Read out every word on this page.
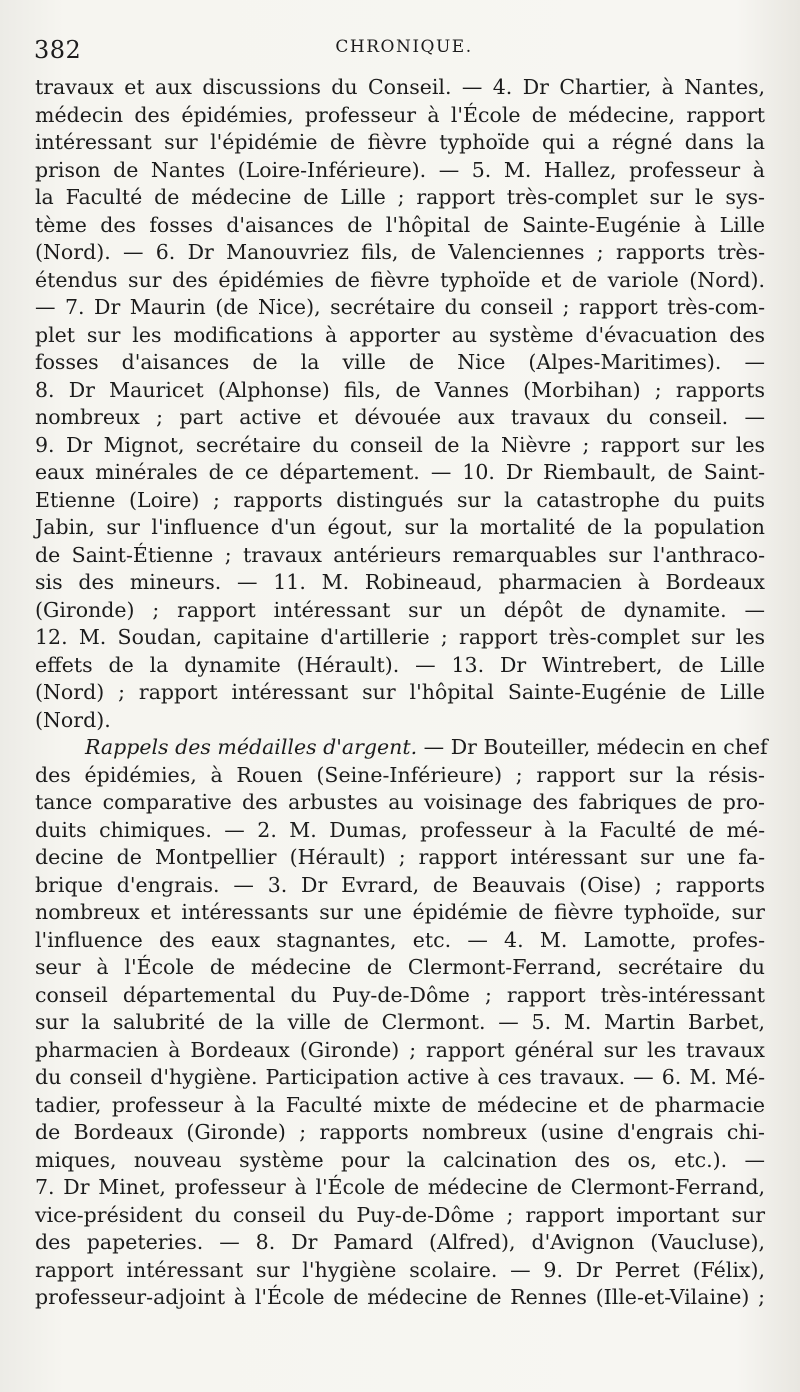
382	CHRONIQUE.
travaux et aux discussions du Conseil. — 4. Dr Chartier, à Nantes,
médecin des épidémies, professeur à l'École de médecine, rapport
intéressant sur l'épidémie de fièvre typhoïde qui a régné dans la
prison de Nantes (Loire-Inférieure). — 5. M. Hallez, professeur à
la Faculté de médecine de Lille ; rapport très-complet sur le sys-
tème des fosses d'aisances de l'hôpital de Sainte-Eugénie à Lille
(Nord). — 6. Dr Manouvriez fils, de Valenciennes ; rapports très-
étendus sur des épidémies de fièvre typhoïde et de variole (Nord).
— 7. Dr Maurin (de Nice), secrétaire du conseil ; rapport très-com-
plet sur les modifications à apporter au système d'évacuation des
fosses d'aisances de la ville de Nice (Alpes-Maritimes). —
8. Dr Mauricet (Alphonse) fils, de Vannes (Morbihan) ; rapports
nombreux ; part active et dévouée aux travaux du conseil. —
9. Dr Mignot, secrétaire du conseil de la Nièvre ; rapport sur les
eaux minérales de ce département. — 10. Dr Riembault, de Saint-
Etienne (Loire) ; rapports distingués sur la catastrophe du puits
Jabin, sur l'influence d'un égout, sur la mortalité de la population
de Saint-Étienne ; travaux antérieurs remarquables sur l'anthraco-
sis des mineurs. — 11. M. Robineaud, pharmacien à Bordeaux
(Gironde) ; rapport intéressant sur un dépôt de dynamite. —
12. M. Soudan, capitaine d'artillerie ; rapport très-complet sur les
effets de la dynamite (Hérault). — 13. Dr Wintrebert, de Lille
(Nord) ; rapport intéressant sur l'hôpital Sainte-Eugénie de Lille
(Nord).
Rappels des médailles d'argent. — Dr Bouteiller, médecin en chef
des épidémies, à Rouen (Seine-Inférieure) ; rapport sur la résis-
tance comparative des arbustes au voisinage des fabriques de pro-
duits chimiques. — 2. M. Dumas, professeur à la Faculté de mé-
decine de Montpellier (Hérault) ; rapport intéressant sur une fa-
brique d'engrais. — 3. Dr Evrard, de Beauvais (Oise) ; rapports
nombreux et intéressants sur une épidémie de fièvre typhoïde, sur
l'influence des eaux stagnantes, etc. — 4. M. Lamotte, profes-
seur à l'École de médecine de Clermont-Ferrand, secrétaire du
conseil départemental du Puy-de-Dôme ; rapport très-intéressant
sur la salubrité de la ville de Clermont. — 5. M. Martin Barbet,
pharmacien à Bordeaux (Gironde) ; rapport général sur les travaux
du conseil d'hygiène. Participation active à ces travaux. — 6. M. Mé-
tadier, professeur à la Faculté mixte de médecine et de pharmacie
de Bordeaux (Gironde) ; rapports nombreux (usine d'engrais chi-
miques, nouveau système pour la calcination des os, etc.). —
7. Dr Minet, professeur à l'École de médecine de Clermont-Ferrand,
vice-président du conseil du Puy-de-Dôme ; rapport important sur
des papeteries. — 8. Dr Pamard (Alfred), d'Avignon (Vaucluse),
rapport intéressant sur l'hygiène scolaire. — 9. Dr Perret (Félix),
professeur-adjoint à l'École de médecine de Rennes (Ille-et-Vilaine) ;
